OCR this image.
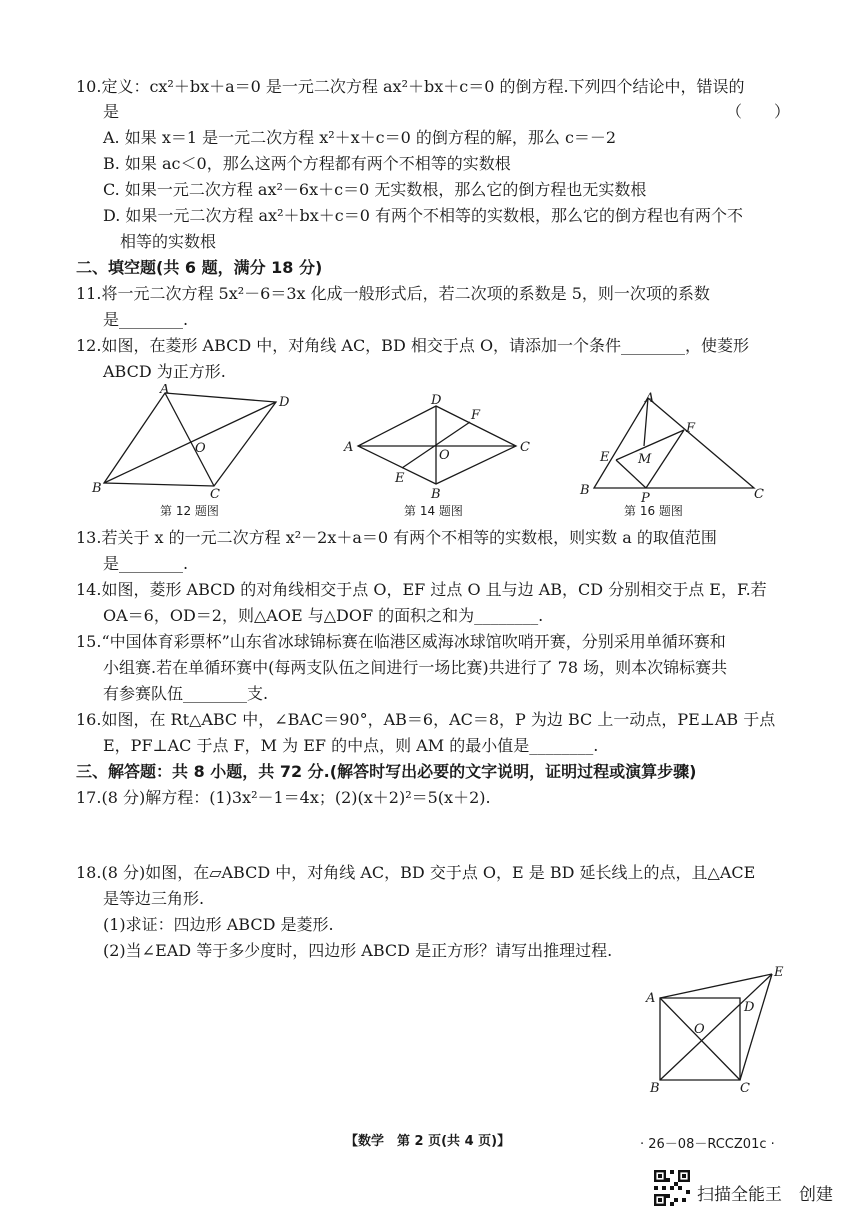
10.定义：cx²＋bx＋a＝0 是一元二次方程 ax²＋bx＋c＝0 的倒方程.下列四个结论中，错误的
是	（　　）
A. 如果 x＝1 是一元二次方程 x²＋x＋c＝0 的倒方程的解，那么 c＝－2
B. 如果 ac＜0，那么这两个方程都有两个不相等的实数根
C. 如果一元二次方程 ax²－6x＋c＝0 无实数根，那么它的倒方程也无实数根
D. 如果一元二次方程 ax²＋bx＋c＝0 有两个不相等的实数根，那么它的倒方程也有两个不
相等的实数根
二、填空题(共 6 题，满分 18 分)
11.将一元二次方程 5x²－6＝3x 化成一般形式后，若二次项的系数是 5，则一次项的系数
是________.
12.如图，在菱形 ABCD 中，对角线 AC，BD 相交于点 O，请添加一个条件________，使菱形
ABCD 为正方形.
A
D
B	C
O
第 12 题图
D
F
A	C
O
E
B
第 14 题图
A
F
E M
B
P	C
第 16 题图
13.若关于 x 的一元二次方程 x²－2x＋a＝0 有两个不相等的实数根，则实数 a 的取值范围
是________.
14.如图，菱形 ABCD 的对角线相交于点 O，EF 过点 O 且与边 AB，CD 分别相交于点 E，F.若
OA＝6，OD＝2，则△AOE 与△DOF 的面积之和为________.
15.“中国体育彩票杯”山东省冰球锦标赛在临港区威海冰球馆吹哨开赛，分别采用单循环赛和
小组赛.若在单循环赛中(每两支队伍之间进行一场比赛)共进行了 78 场，则本次锦标赛共
有参赛队伍________支.
16.如图，在 Rt△ABC 中，∠BAC＝90°，AB＝6，AC＝8，P 为边 BC 上一动点，PE⊥AB 于点
E，PF⊥AC 于点 F，M 为 EF 的中点，则 AM 的最小值是________.
三、解答题：共 8 小题，共 72 分.(解答时写出必要的文字说明，证明过程或演算步骤)
17.(8 分)解方程：(1)3x²－1＝4x；(2)(x＋2)²＝5(x＋2).
18.(8 分)如图，在▱ABCD 中，对角线 AC，BD 交于点 O，E 是 BD 延长线上的点，且△ACE
是等边三角形.
(1)求证：四边形 ABCD 是菱形.
(2)当∠EAD 等于多少度时，四边形 ABCD 是正方形？请写出推理过程.
A
E
D
O
B	C
【数学　第 2 页(共 4 页)】	· 26－08－RCCZ01c ·
扫描全能王　创建
